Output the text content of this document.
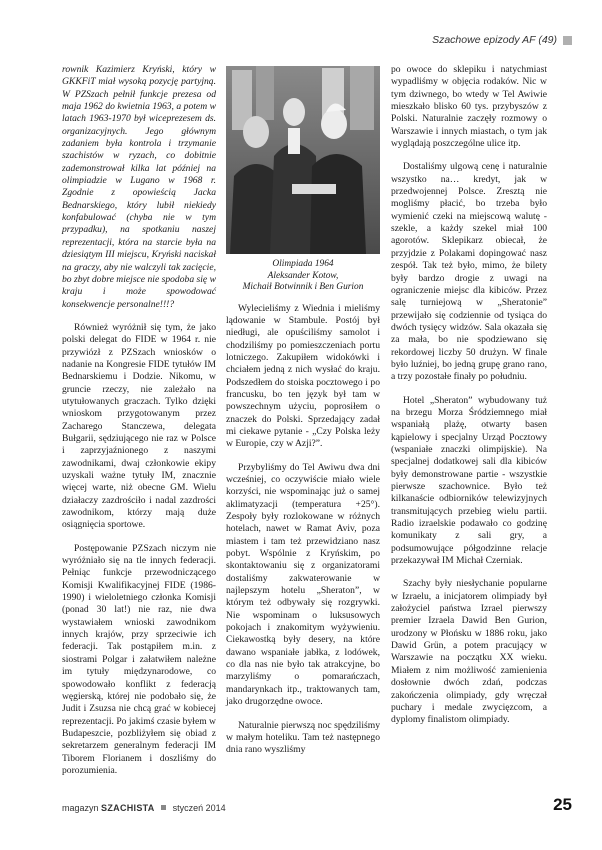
Szachowe epizody AF (49)

rownik Kazimierz Kryński, który w GKKFiT miał wysoką pozycję partyjną. W PZSzach pełnił funkcje prezesa od maja 1962 do kwietnia 1963, a potem w latach 1963-1970 był wiceprezesem ds. organizacyjnych. Jego głównym zadaniem była kontrola i trzymanie szachistów w ryzach, co dobitnie zademonstrował kilka lat później na olimpiadzie w Lugano w 1968 r. Zgodnie z opowieścią Jacka Bednarskiego, który lubił niekiedy konfabulować (chyba nie w tym przypadku), na spotkaniu naszej reprezentacji, która na starcie była na dziesiątym III miejscu, Kryński naciskał na graczy, aby nie walczyli tak zacięcie, bo zbyt dobre miejsce nie spodoba się w kraju i może spowodować konsekwencje personalne!!!?

Również wyróżnił się tym, że jako polski delegat do FIDE w 1964 r. nie przywiózł z PZSzach wniosków o nadanie na Kongresie FIDE tytułów IM Bednarskiemu i Dodzie. Nikomu, w gruncie rzeczy, nie zależało na utytułowanych graczach. Tylko dzięki wnioskom przygotowanym przez Zacharego Stanczewa, delegata Bułgarii, sędziującego nie raz w Polsce i zaprzyjaźnionego z naszymi zawodnikami, dwaj członkowie ekipy uzyskali ważne tytuły IM, znacznie więcej warte, niż obecne GM. Wielu działaczy zazdrościło i nadal zazdrości zawodnikom, którzy mają duże osiągnięcia sportowe.

Postępowanie PZSzach niczym nie wyróżniało się na tle innych federacji. Pełniąc funkcje przewodniczącego Komisji Kwalifikacyjnej FIDE (1986-1990) i wieloletniego członka Komisji (ponad 30 lat!) nie raz, nie dwa wystawiałem wnioski zawodnikom innych krajów, przy sprzeciwie ich federacji. Tak postąpiłem m.in. z siostrami Polgar i załatwiłem należne im tytuły międzynarodowe, co spowodowało konflikt z federacją węgierską, której nie podobało się, że Judit i Zsuzsa nie chcą grać w kobiecej reprezentacji. Po jakimś czasie byłem w Budapeszcie, pozbliżyłem się obiad z sekretarzem generalnym federacji IM Tiborem Florianem i doszliśmy do porozumienia.

Olimpiada 1964
Aleksander Kotow,
Michaił Botwinnik i Ben Gurion

Wylecieliśmy z Wiednia i mieliśmy lądowanie w Stambule. Postój był niedługi, ale opuściliśmy samolot i chodziliśmy po pomieszczeniach portu lotniczego. Zakupiłem widokówki i chciałem jedną z nich wysłać do kraju. Podszedłem do stoiska pocztowego i po francusku, bo ten język był tam w powszechnym użyciu, poprosiłem o znaczek do Polski. Sprzedający zadał mi ciekawe pytanie - „Czy Polska leży w Europie, czy w Azji?”.

Przybyliśmy do Tel Awiwu dwa dni wcześniej, co oczywiście miało wiele korzyści, nie wspominając już o samej aklimatyzacji (temperatura +25°). Zespoły były rozlokowane w różnych hotelach, nawet w Ramat Aviv, poza miastem i tam też przewidziano nasz pobyt. Wspólnie z Kryńskim, po skontaktowaniu się z organizatorami dostaliśmy zakwaterowanie w najlepszym hotelu „Sheraton”, w którym też odbywały się rozgrywki. Nie wspominam o luksusowych pokojach i znakomitym wyżywieniu. Ciekawostką były desery, na które dawano wspaniałe jabłka, z lodówek, co dla nas nie było tak atrakcyjne, bo marzyliśmy o pomarańczach, mandarynkach itp., traktowanych tam, jako drugorzędne owoce.

Naturalnie pierwszą noc spędziliśmy w małym hoteliku. Tam też następnego dnia rano wyszliśmy

po owoce do sklepiku i natychmiast wypadliśmy w objęcia rodaków. Nic w tym dziwnego, bo wtedy w Tel Awiwie mieszkało blisko 60 tys. przybyszów z Polski. Naturalnie zaczęły rozmowy o Warszawie i innych miastach, o tym jak wyglądają poszczególne ulice itp.

Dostaliśmy ulgową cenę i naturalnie wszystko na… kredyt, jak w przedwojennej Polsce. Zresztą nie mogliśmy płacić, bo trzeba było wymienić czeki na miejscową walutę - szekle, a każdy szekel miał 100 agorotów. Sklepikarz obiecał, że przyjdzie z Polakami dopingować nasz zespół. Tak też było, mimo, że bilety były bardzo drogie z uwagi na ograniczenie miejsc dla kibiców. Przez salę turniejową w „Sheratonie” przewijało się codziennie od tysiąca do dwóch tysięcy widzów. Sala okazała się za mała, bo nie spodziewano się rekordowej liczby 50 drużyn. W finale było luźniej, bo jedną grupę grano rano, a trzy pozostałe finały po południu.

Hotel „Sheraton” wybudowany tuż na brzegu Morza Śródziemnego miał wspaniałą plażę, otwarty basen kąpielowy i specjalny Urząd Pocztowy (wspaniałe znaczki olimpijskie). Na specjalnej dodatkowej sali dla kibiców były demonstrowane partie - wszystkie pierwsze szachownice. Było też kilkanaście odbiorników telewizyjnych transmitujących przebieg wielu partii. Radio izraelskie podawało co godzinę komunikaty z sali gry, a podsumowujące półgodzinne relacje przekazywał IM Michał Czerniak.

Szachy były niesłychanie popularne w Izraelu, a inicjatorem olimpiady był założyciel państwa Izrael pierwszy premier Izraela Dawid Ben Gurion, urodzony w Płońsku w 1886 roku, jako Dawid Grün, a potem pracujący w Warszawie na początku XX wieku. Miałem z nim możliwość zamienienia dosłownie dwóch zdań, podczas zakończenia olimpiady, gdy wręczał puchary i medale zwycięzcom, a dyplomy finalistom olimpiady.

magazyn SZACHISTA styczeń 2014	25
